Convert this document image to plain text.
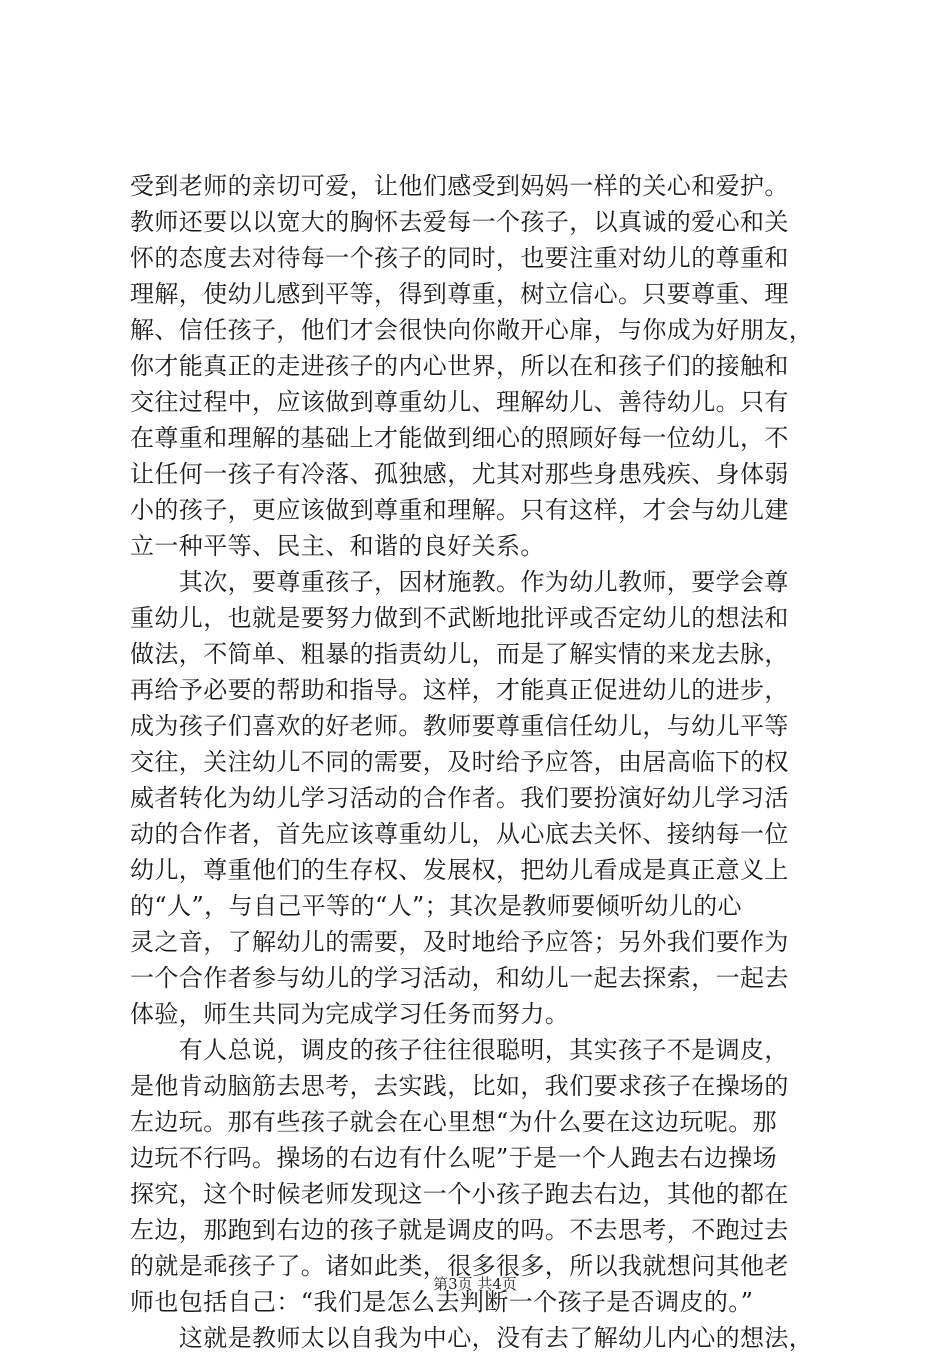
受到老师的亲切可爱，让他们感受到妈妈一样的关心和爱护。
教师还要以以宽大的胸怀去爱每一个孩子，以真诚的爱心和关
怀的态度去对待每一个孩子的同时，也要注重对幼儿的尊重和
理解，使幼儿感到平等，得到尊重，树立信心。只要尊重、理
解、信任孩子，他们才会很快向你敞开心扉，与你成为好朋友，
你才能真正的走进孩子的内心世界，所以在和孩子们的接触和
交往过程中，应该做到尊重幼儿、理解幼儿、善待幼儿。只有
在尊重和理解的基础上才能做到细心的照顾好每一位幼儿，不
让任何一孩子有冷落、孤独感，尤其对那些身患残疾、身体弱
小的孩子，更应该做到尊重和理解。只有这样，才会与幼儿建
立一种平等、民主、和谐的良好关系。
　　其次，要尊重孩子，因材施教。作为幼儿教师，要学会尊
重幼儿，也就是要努力做到不武断地批评或否定幼儿的想法和
做法，不简单、粗暴的指责幼儿，而是了解实情的来龙去脉，
再给予必要的帮助和指导。这样，才能真正促进幼儿的进步，
成为孩子们喜欢的好老师。教师要尊重信任幼儿，与幼儿平等
交往，关注幼儿不同的需要，及时给予应答，由居高临下的权
威者转化为幼儿学习活动的合作者。我们要扮演好幼儿学习活
动的合作者，首先应该尊重幼儿，从心底去关怀、接纳每一位
幼儿，尊重他们的生存权、发展权，把幼儿看成是真正意义上
的“人”，与自己平等的“人”；其次是教师要倾听幼儿的心
灵之音，了解幼儿的需要，及时地给予应答；另外我们要作为
一个合作者参与幼儿的学习活动，和幼儿一起去探索，一起去
体验，师生共同为完成学习任务而努力。
　　有人总说，调皮的孩子往往很聪明，其实孩子不是调皮，
是他肯动脑筋去思考，去实践，比如，我们要求孩子在操场的
左边玩。那有些孩子就会在心里想“为什么要在这边玩呢。那
边玩不行吗。操场的右边有什么呢”于是一个人跑去右边操场
探究，这个时候老师发现这一个小孩子跑去右边，其他的都在
左边，那跑到右边的孩子就是调皮的吗。不去思考，不跑过去
的就是乖孩子了。诸如此类，很多很多，所以我就想问其他老
师也包括自己：“我们是怎么去判断一个孩子是否调皮的。”
　　这就是教师太以自我为中心，没有去了解幼儿内心的想法，
第3页 共4页
